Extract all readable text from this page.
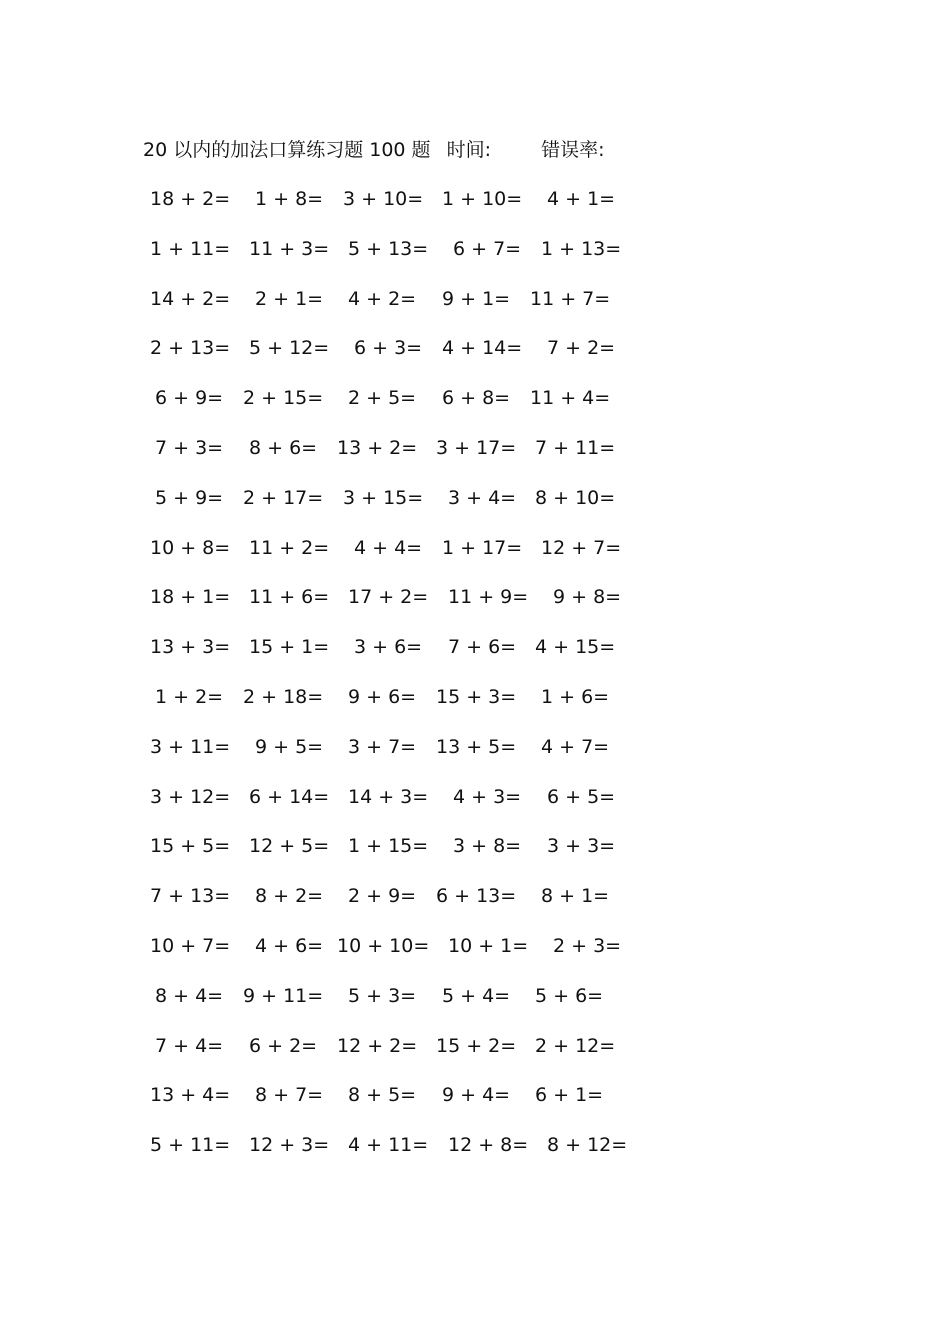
20 以内的加法口算练习题 100 题 时间:	错误率:
18 + 2= 1 + 8= 3 + 10= 1 + 10= 4 + 1=
1 + 11= 11 + 3= 5 + 13= 6 + 7= 1 + 13=
14 + 2= 2 + 1= 4 + 2= 9 + 1= 11 + 7=
2 + 13= 5 + 12= 6 + 3= 4 + 14= 7 + 2=
6 + 9= 2 + 15= 2 + 5= 6 + 8= 11 + 4=
7 + 3= 8 + 6= 13 + 2= 3 + 17= 7 + 11=
5 + 9= 2 + 17= 3 + 15= 3 + 4= 8 + 10=
10 + 8= 11 + 2= 4 + 4= 1 + 17= 12 + 7=
18 + 1= 11 + 6= 17 + 2= 11 + 9= 9 + 8=
13 + 3= 15 + 1= 3 + 6= 7 + 6= 4 + 15=
1 + 2= 2 + 18= 9 + 6= 15 + 3= 1 + 6=
3 + 11= 9 + 5= 3 + 7= 13 + 5= 4 + 7=
3 + 12= 6 + 14= 14 + 3= 4 + 3= 6 + 5=
15 + 5= 12 + 5= 1 + 15= 3 + 8= 3 + 3=
7 + 13= 8 + 2= 2 + 9= 6 + 13= 8 + 1=
10 + 7= 4 + 6= 10 + 10= 10 + 1= 2 + 3=
8 + 4= 9 + 11= 5 + 3= 5 + 4= 5 + 6=
7 + 4= 6 + 2= 12 + 2= 15 + 2= 2 + 12=
13 + 4= 8 + 7= 8 + 5= 9 + 4= 6 + 1=
5 + 11= 12 + 3= 4 + 11= 12 + 8= 8 + 12=
